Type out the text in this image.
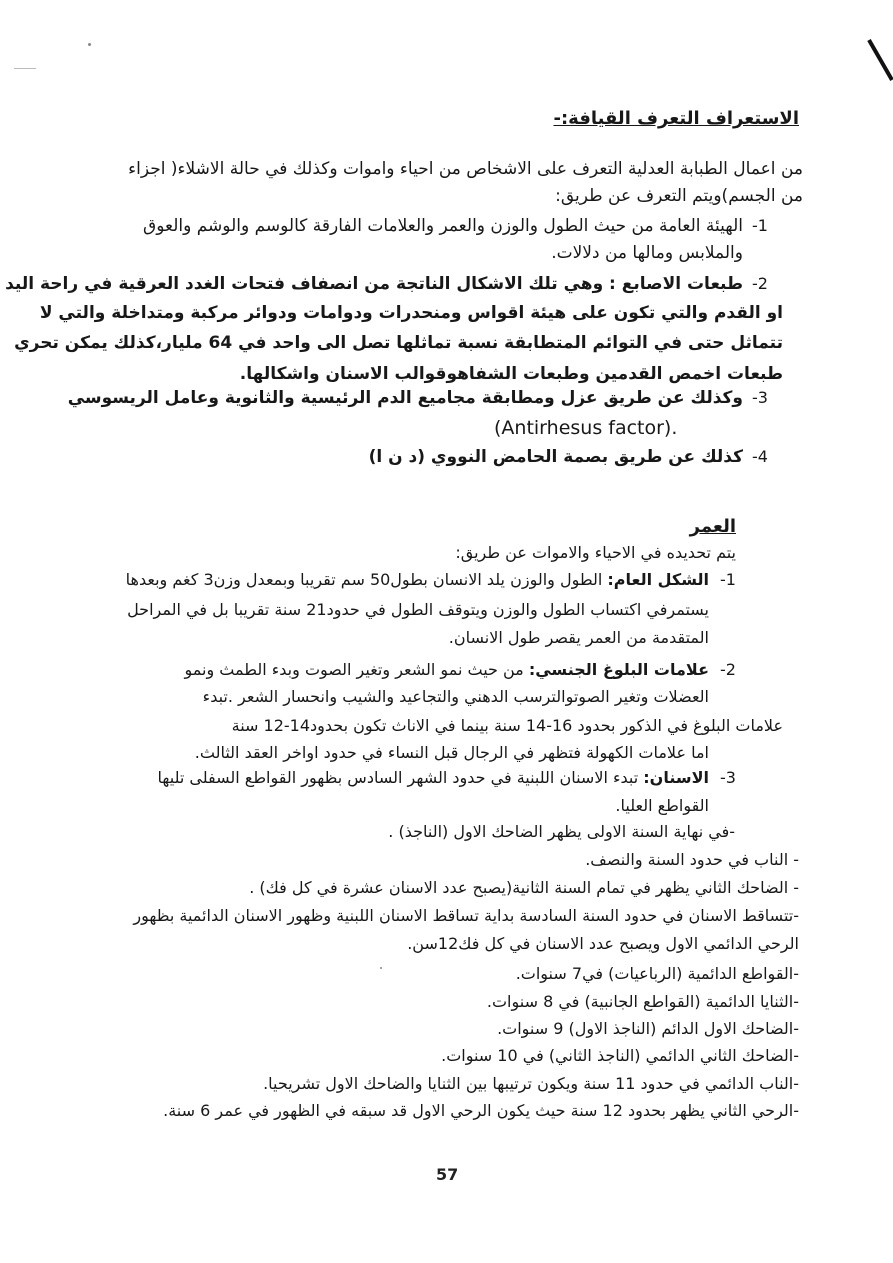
الاستعراف التعرف القيافة:-
من اعمال الطبابة العدلية التعرف على الاشخاص من احياء واموات وكذلك في حالة الاشلاء( اجزاء
من الجسم)ويتم التعرف عن طريق:
-1
الهيئة العامة من حيث الطول والوزن والعمر والعلامات الفارقة كالوسم والوشم والعوق
والملابس ومالها من دلالات.
-2
طبعات الاصابع : وهي تلك الاشكال الناتجة من انصفاف فتحات الغدد العرقية في راحة اليد
او القدم والتي تكون على هيئة اقواس ومنحدرات ودوامات ودوائر مركبة ومتداخلة والتي لا
تتماثل حتى في التوائم المتطابقة نسبة تماثلها تصل الى واحد في 64 مليار،كذلك يمكن تحري
طبعات اخمص القدمين وطبعات الشفاهوقوالب الاسنان واشكالها.
-3
وكذلك عن طريق عزل ومطابقة مجاميع الدم الرئيسية والثانوية وعامل الريسوسي
(Antirhesus factor).
-4
كذلك عن طريق بصمة الحامض النووي (د ن ا)
العمر
يتم تحديده في الاحياء والاموات عن طريق:
-1
الشكل العام: الطول والوزن يلد الانسان بطول50 سم تقريبا وبمعدل وزن3 كغم وبعدها
يستمرفي اكتساب الطول والوزن ويتوقف الطول في حدود21 سنة تقريبا بل في المراحل
المتقدمة من العمر يقصر طول الانسان.
-2
علامات البلوغ الجنسي: من حيث نمو الشعر وتغير الصوت وبدء الطمث ونمو
العضلات وتغير الصوتوالترسب الدهني والتجاعيد والشيب وانحسار الشعر .تبدء
علامات البلوغ في الذكور بحدود 16-14 سنة بينما في الاناث تكون بحدود14-12 سنة
اما علامات الكهولة فتظهر في الرجال قبل النساء في حدود اواخر العقد الثالث.
-3
الاسنان: تبدء الاسنان اللبنية في حدود الشهر السادس بظهور القواطع السفلى تليها
القواطع العليا.
-في نهاية السنة الاولى يظهر الضاحك الاول (الناجذ) .
- الناب في حدود السنة والنصف.
- الضاحك الثاني يظهر في تمام السنة الثانية(يصبح عدد الاسنان عشرة في كل فك) .
-تتساقط الاسنان في حدود السنة السادسة بداية تساقط الاسنان اللبنية وظهور الاسنان الدائمية بظهور
الرحي الدائمي الاول ويصبح عدد الاسنان في كل فك12سن.
-القواطع الدائمية (الرباعيات) في7 سنوات.
-الثنايا الدائمية (القواطع الجانبية) في 8 سنوات.
-الضاحك الاول الدائم (الناجذ الاول) 9 سنوات.
-الضاحك الثاني الدائمي (الناجذ الثاني) في 10 سنوات.
-الناب الدائمي في حدود 11 سنة ويكون ترتيبها بين الثنايا والضاحك الاول تشريحيا.
-الرحي الثاني يظهر بحدود 12 سنة حيث يكون الرحي الاول قد سبقه في الظهور في عمر 6 سنة.
57
